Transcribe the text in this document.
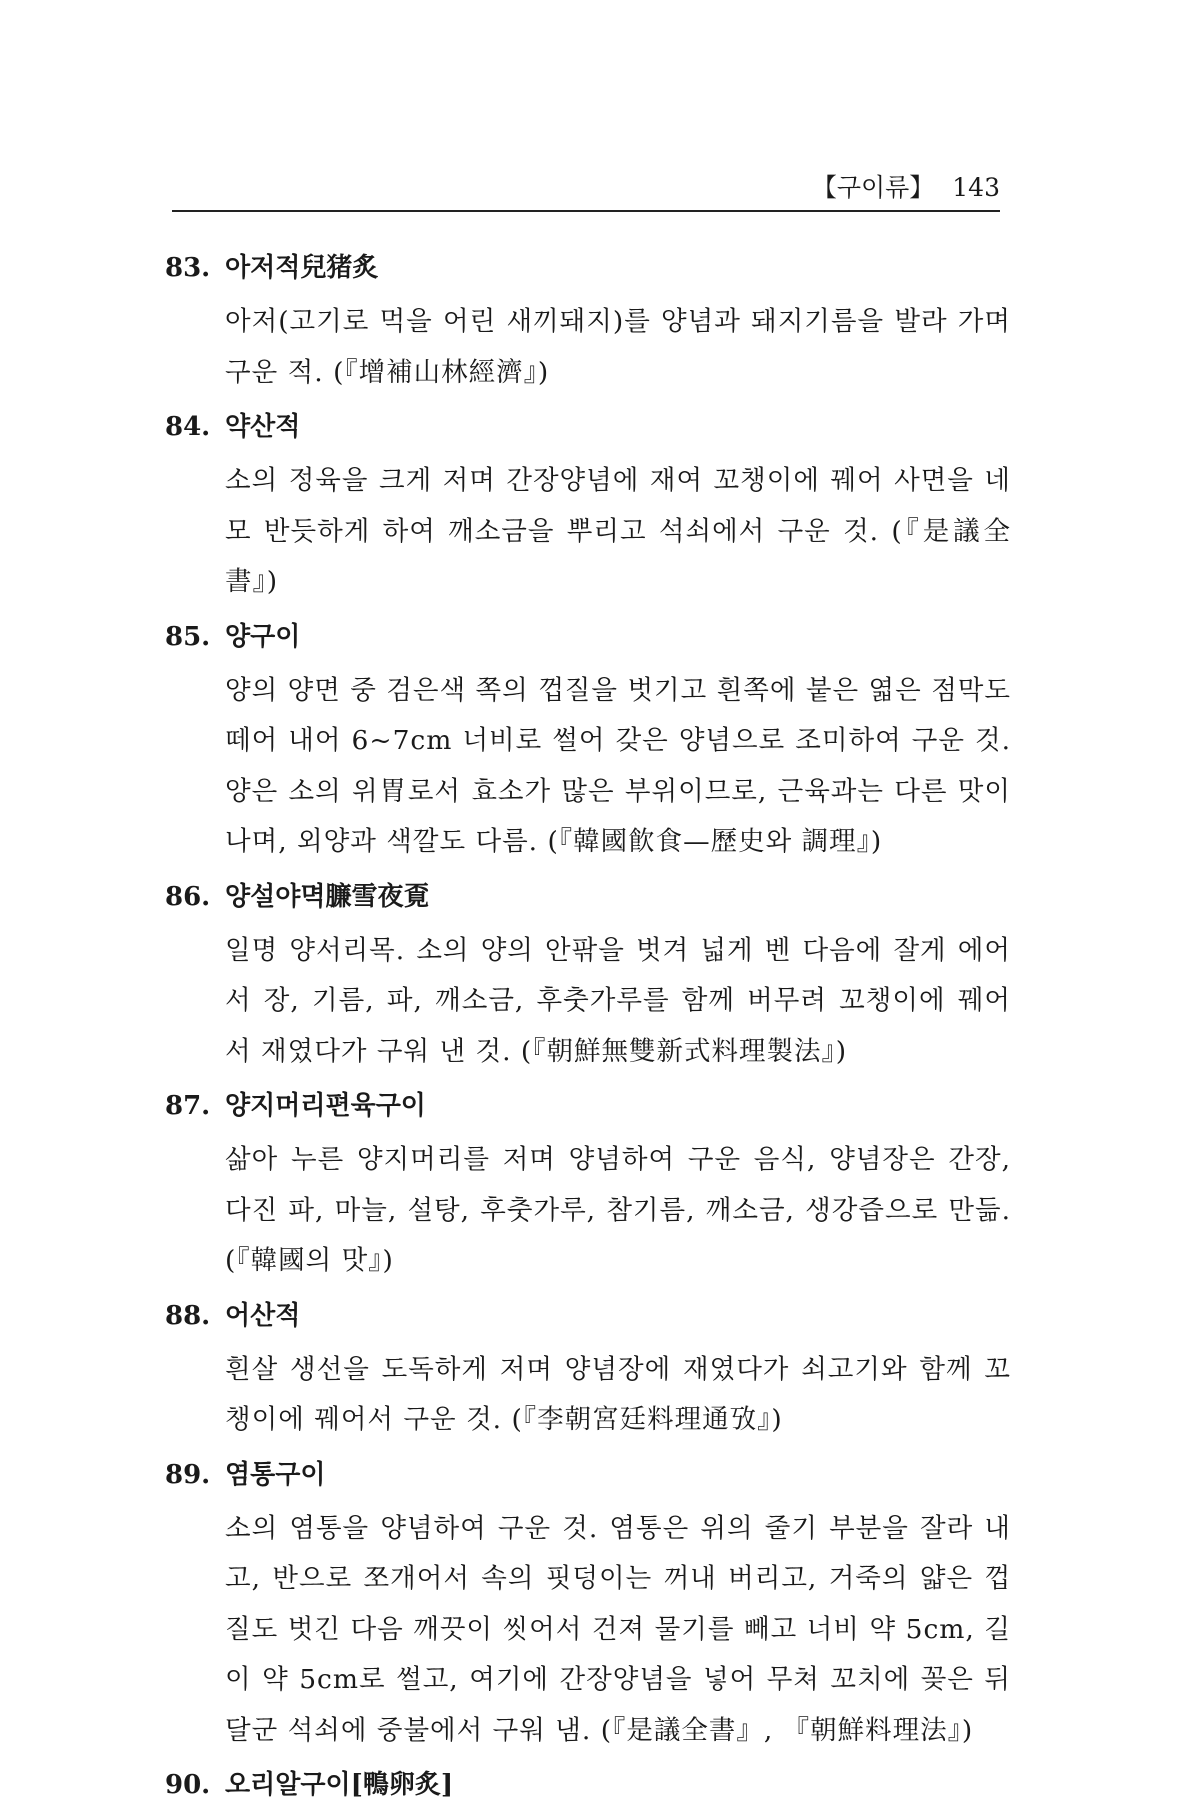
【구이류】 143
83. 아저적兒猪炙
아저(고기로 먹을 어린 새끼돼지)를 양념과 돼지기름을 발라 가며 구운 적. (『增補山林經濟』)
84. 약산적
소의 정육을 크게 저며 간장양념에 재여 꼬챙이에 꿰어 사면을 네모 반듯하게 하여 깨소금을 뿌리고 석쇠에서 구운 것. (『是議全書』)
85. 양구이
양의 양면 중 검은색 쪽의 껍질을 벗기고 흰쪽에 붙은 엷은 점막도 떼어 내어 6~7cm 너비로 썰어 갖은 양념으로 조미하여 구운 것. 양은 소의 위胃로서 효소가 많은 부위이므로, 근육과는 다른 맛이 나며, 외양과 색깔도 다름. (『韓國飮食—歷史와 調理』)
86. 양설야멱臁雪夜覔
일명 양서리목. 소의 양의 안팎을 벗겨 넓게 벤 다음에 잘게 에어서 장, 기름, 파, 깨소금, 후춧가루를 함께 버무려 꼬챙이에 꿰어서 재였다가 구워 낸 것. (『朝鮮無雙新式料理製法』)
87. 양지머리편육구이
삶아 누른 양지머리를 저며 양념하여 구운 음식, 양념장은 간장, 다진 파, 마늘, 설탕, 후춧가루, 참기름, 깨소금, 생강즙으로 만듦. (『韓國의 맛』)
88. 어산적
흰살 생선을 도독하게 저며 양념장에 재였다가 쇠고기와 함께 꼬챙이에 꿰어서 구운 것. (『李朝宮廷料理通攷』)
89. 염통구이
소의 염통을 양념하여 구운 것. 염통은 위의 줄기 부분을 잘라 내고, 반으로 쪼개어서 속의 핏덩이는 꺼내 버리고, 거죽의 얇은 껍질도 벗긴 다음 깨끗이 씻어서 건져 물기를 빼고 너비 약 5cm, 길이 약 5cm로 썰고, 여기에 간장양념을 넣어 무쳐 꼬치에 꽂은 뒤 달군 석쇠에 중불에서 구워 냄. (『是議全書』, 『朝鮮料理法』)
90. 오리알구이[鴨卵炙]
